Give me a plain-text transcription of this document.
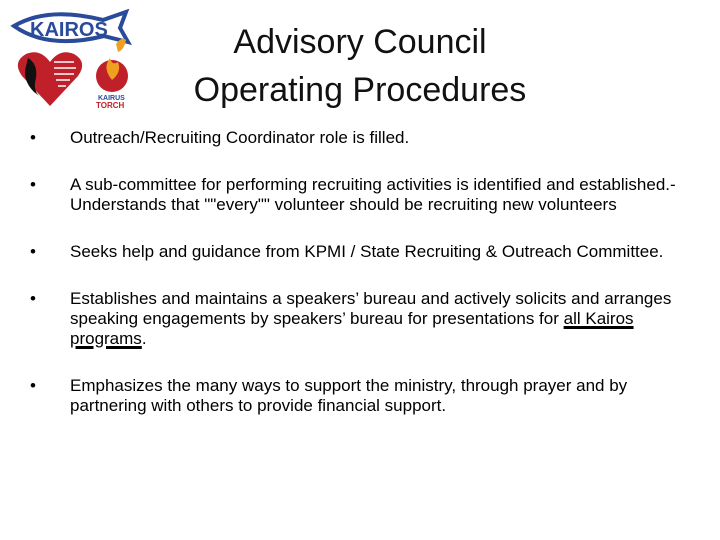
KAIROS
KAIRUS
TORCH
Advisory Council
Operating Procedures
•	Outreach/Recruiting Coordinator role is filled.
•	A sub-committee for performing recruiting activities is identified and established.- Understands that ""every"" volunteer should be recruiting new volunteers
•	Seeks help and guidance from KPMI / State Recruiting & Outreach Committee.
•	Establishes and maintains a speakers’ bureau and actively solicits and arranges speaking engagements by speakers’ bureau for presentations for all Kairos programs.
•	Emphasizes the many ways to support the ministry, through prayer and by partnering with others to provide financial support.
